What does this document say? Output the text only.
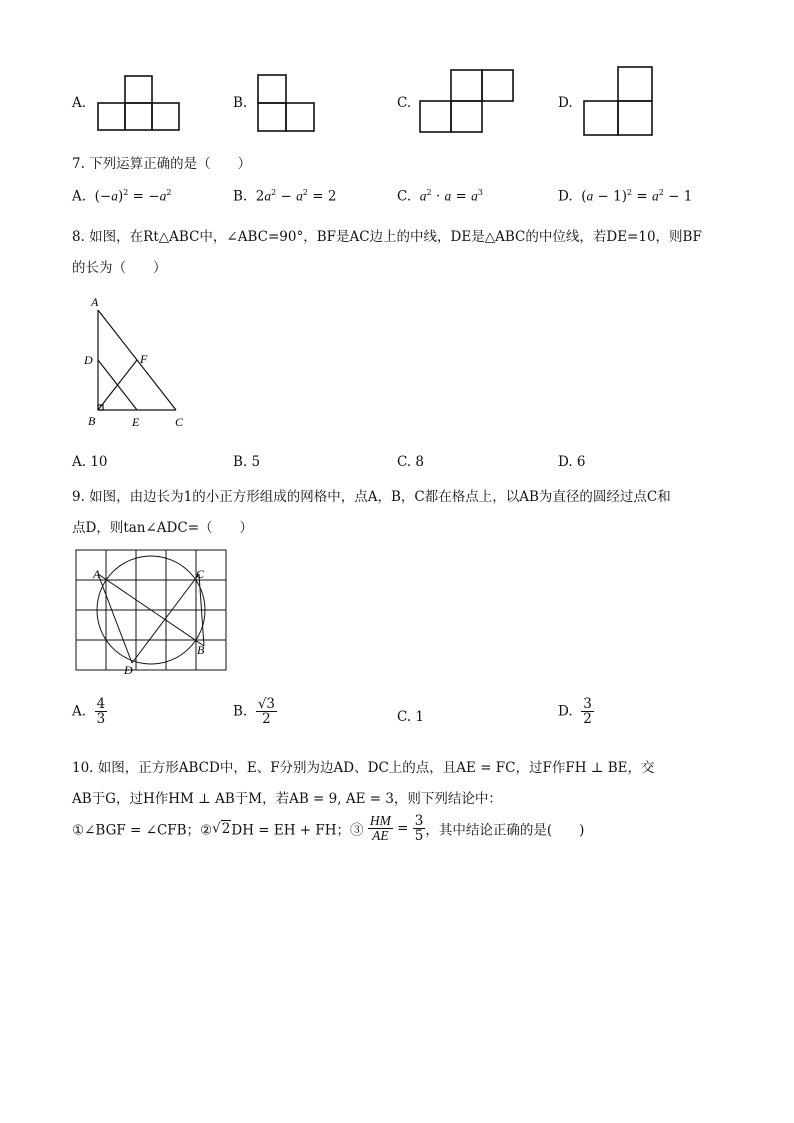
A.	B.	C.	D.
7. 下列运算正确的是（　　）
A.  $(-a)^2 = -a^2$	B.  $2a^2 - a^2 = 2$	C. $a^2 \cdot a = a^3$	D.  $(a - 1)^2 = a^2 - 1$
8. 如图，在Rt△ABC中，∠ABC=90°，BF是AC边上的中线，DE是△ABC的中位线，若DE=10，则BF
的长为（　　）
A
D	F
B	E	C
A. 10	B. 5	C. 8	D. 6
9. 如图，由边长为1的小正方形组成的网格中，点A，B，C都在格点上，以AB为直径的圆经过点C和
点D，则tan∠ADC=（　　）
A	C
B
D
A. $\frac{4}{3}$	B. $\frac{√3}{2}$	C. 1	D. $\frac{3}{2}$
10. 如图，正方形ABCD中，E、F分别为边AD、DC上的点，且AE = FC，过F作FH ⊥ BE，交
AB于G，过H作HM ⊥ AB于M，若AB = 9, AE = 3，则下列结论中：
①∠BGF = ∠CFB；②√2DH = EH + FH；③ $\frac{HM}{AE} = \frac{3}{5}$ ，其中结论正确的是(　　)
